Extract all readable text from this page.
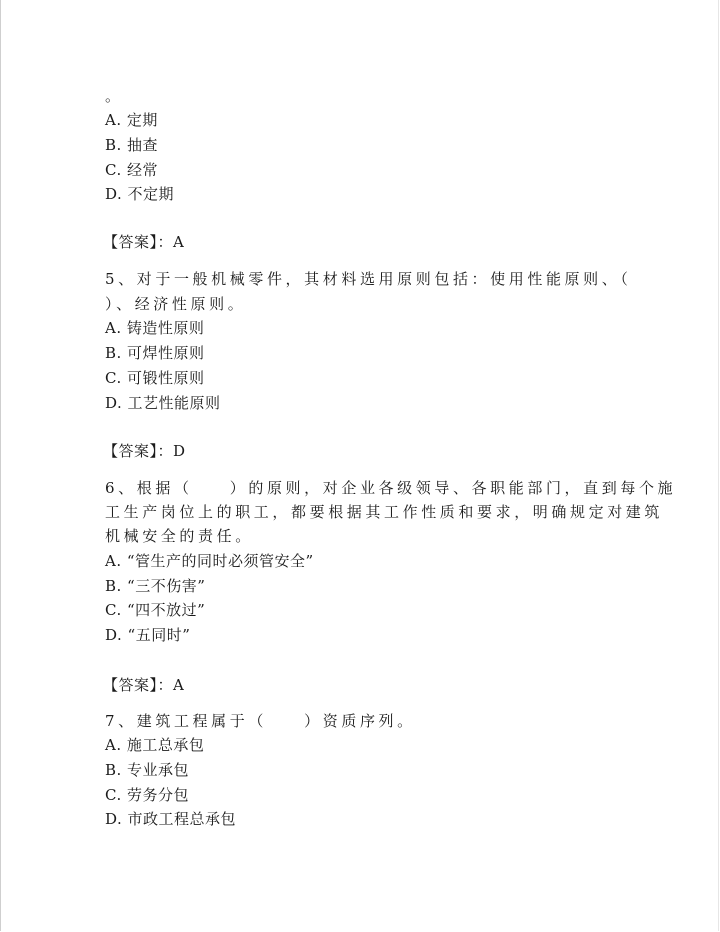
。
A. 定期
B. 抽查
C. 经常
D. 不定期
【答案】：A
5、对于一般机械零件，其材料选用原则包括：使用性能原则、（
）、经济性原则。
A. 铸造性原则
B. 可焊性原则
C. 可锻性原则
D. 工艺性能原则
【答案】：D
6、根据（　　）的原则，对企业各级领导、各职能部门，直到每个施
工生产岗位上的职工，都要根据其工作性质和要求，明确规定对建筑
机械安全的责任。
A. “管生产的同时必须管安全”
B. “三不伤害”
C. “四不放过”
D. “五同时”
【答案】：A
7、建筑工程属于（　　）资质序列。
A. 施工总承包
B. 专业承包
C. 劳务分包
D. 市政工程总承包
